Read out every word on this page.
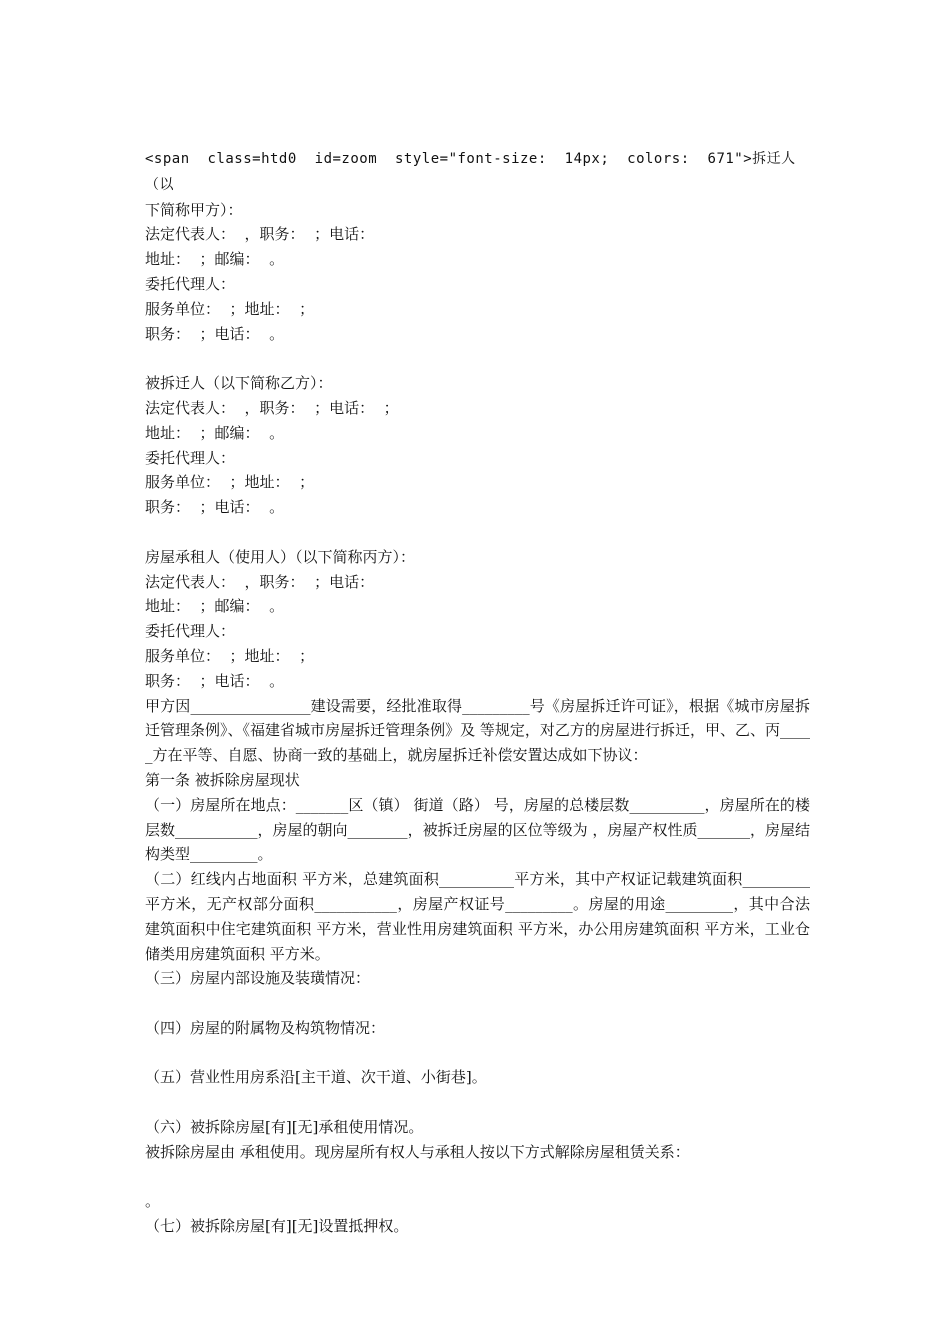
<span  class=htd0  id=zoom  style="font-size:  14px;  colors:  671">拆迁人（以

下简称甲方）：

法定代表人：  ，职务：  ；电话：

地址：  ；邮编：  。

委托代理人：

服务单位：  ；地址：  ；

职务：  ；电话：  。

被拆迁人（以下简称乙方）：

法定代表人：  ，职务：  ；电话：  ；

地址：  ；邮编：  。

委托代理人：

服务单位：  ；地址：  ；

职务：  ；电话：  。

房屋承租人（使用人）（以下简称丙方）：

法定代表人：  ，职务：  ；电话：

地址：  ；邮编：  。

委托代理人：

服务单位：  ；地址：  ；

职务：  ；电话：  。

甲方因________________建设需要，经批准取得_________号《房屋拆迁许可证》，根据《城市房屋拆迁管理条例》、《福建省城市房屋拆迁管理条例》及 等规定，对乙方的房屋进行拆迁，甲、乙、丙_____方在平等、自愿、协商一致的基础上，就房屋拆迁补偿安置达成如下协议：

第一条 被拆除房屋现状

（一）房屋所在地点：_______区（镇） 街道（路） 号，房屋的总楼层数__________，房屋所在的楼层数___________，房屋的朝向________，被拆迁房屋的区位等级为 ，房屋产权性质_______，房屋结构类型_________。

（二）红线内占地面积 平方米，总建筑面积__________平方米，其中产权证记载建筑面积_________平方米，无产权部分面积___________，房屋产权证号_________。房屋的用途_________，其中合法建筑面积中住宅建筑面积 平方米，营业性用房建筑面积 平方米，办公用房建筑面积 平方米，工业仓储类用房建筑面积 平方米。

（三）房屋内部设施及装璜情况：

（四）房屋的附属物及构筑物情况：

（五）营业性用房系沿[主干道、次干道、小街巷]。

（六）被拆除房屋[有][无]承租使用情况。

被拆除房屋由 承租使用。现房屋所有权人与承租人按以下方式解除房屋租赁关系：

。

（七）被拆除房屋[有][无]设置抵押权。
